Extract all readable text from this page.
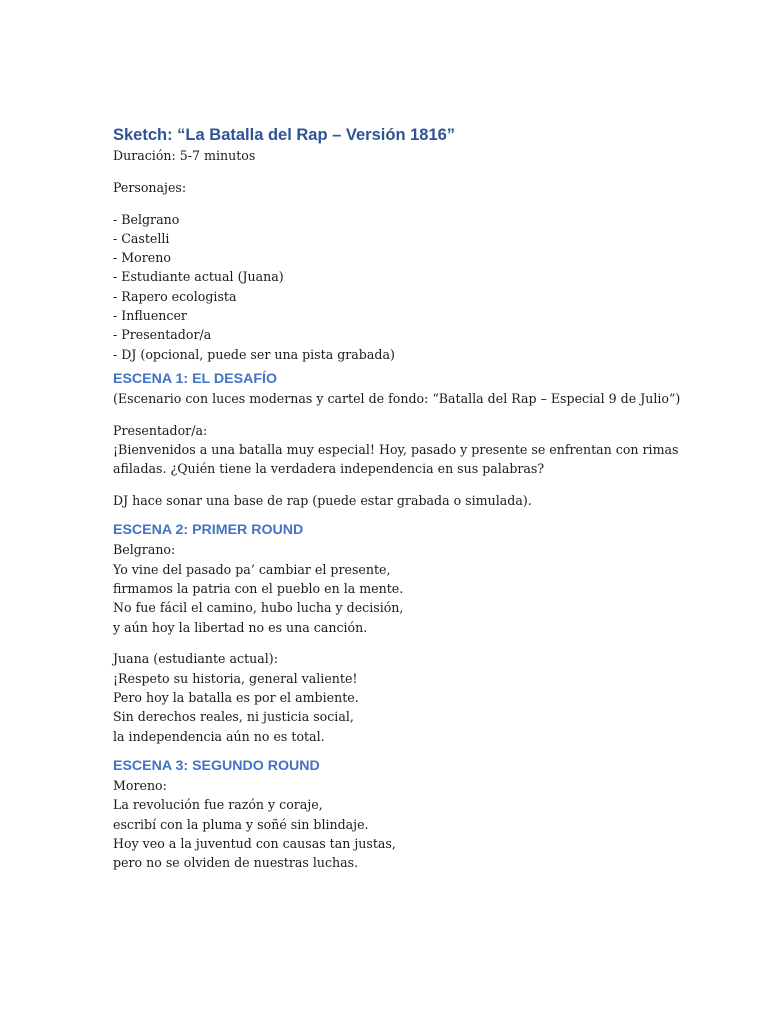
Sketch: “La Batalla del Rap – Versión 1816”

Duración: 5-7 minutos

Personajes:

- Belgrano

- Castelli

- Moreno

- Estudiante actual (Juana)

- Rapero ecologista

- Influencer

- Presentador/a

- DJ (opcional, puede ser una pista grabada)

ESCENA 1: EL DESAFÍO

(Escenario con luces modernas y cartel de fondo: “Batalla del Rap – Especial 9 de Julio”)

Presentador/a:

¡Bienvenidos a una batalla muy especial! Hoy, pasado y presente se enfrentan con rimas

afiladas. ¿Quién tiene la verdadera independencia en sus palabras?

DJ hace sonar una base de rap (puede estar grabada o simulada).

ESCENA 2: PRIMER ROUND

Belgrano:

Yo vine del pasado pa’ cambiar el presente,

firmamos la patria con el pueblo en la mente.

No fue fácil el camino, hubo lucha y decisión,

y aún hoy la libertad no es una canción.

Juana (estudiante actual):

¡Respeto su historia, general valiente!

Pero hoy la batalla es por el ambiente.

Sin derechos reales, ni justicia social,

la independencia aún no es total.

ESCENA 3: SEGUNDO ROUND

Moreno:

La revolución fue razón y coraje,

escribí con la pluma y soñé sin blindaje.

Hoy veo a la juventud con causas tan justas,

pero no se olviden de nuestras luchas.
